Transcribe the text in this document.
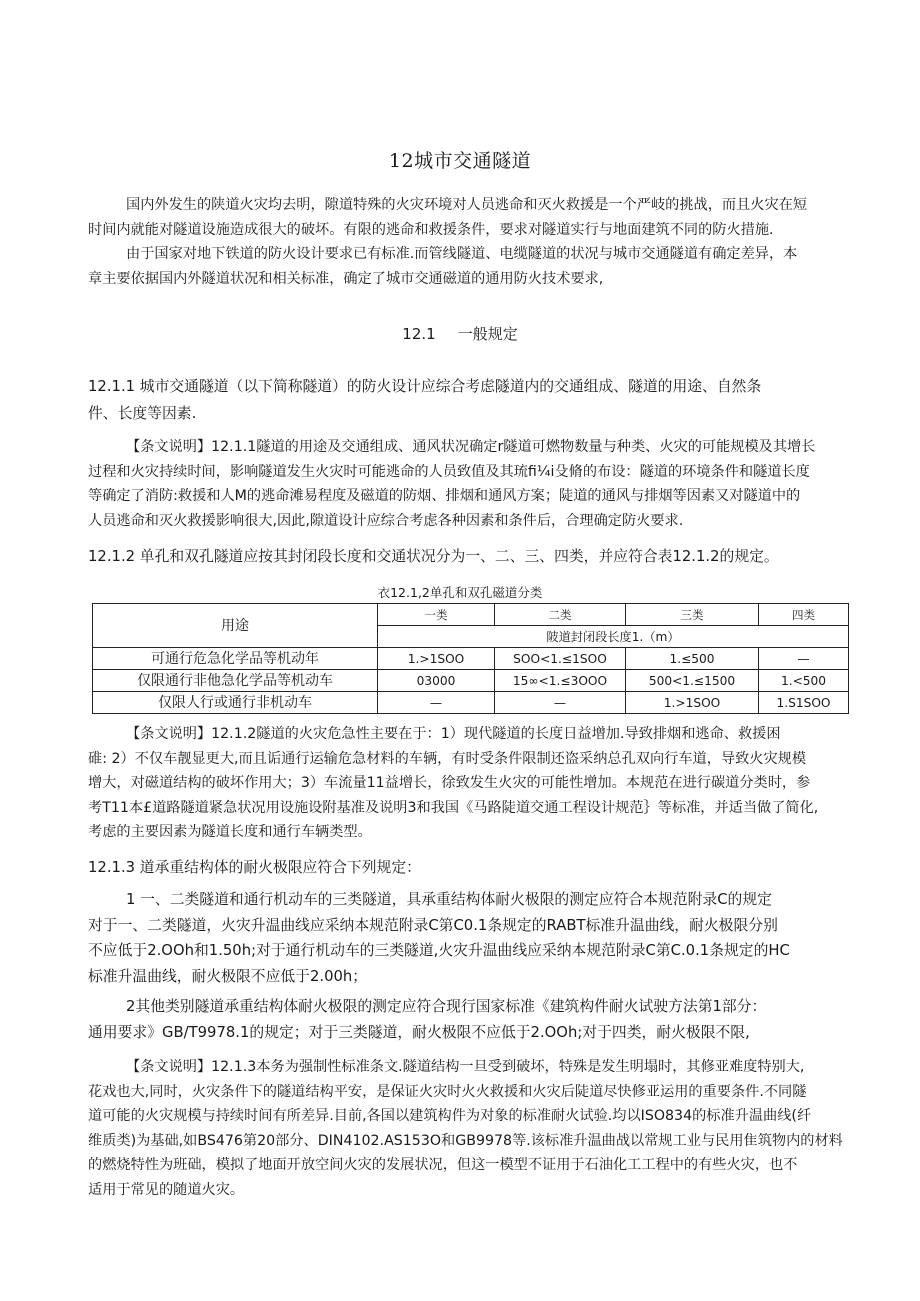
12城市交通隧道
国内外发生的陕道火灾均去明，隙道特殊的火灾环境对人员逃命和灭火救援是一个严岐的挑战，而且火灾在短
时间内就能对隧道设施造成很大的破坏。有限的逃命和救援条件，要求对隧道实行与地面建筑不同的防火措施.
由于国家对地下铁道的防火设计要求已有标准.而管线隧道、电缆隧道的状况与城市交通隧道有确定差异，本
章主要依据国内外隧道状况和相关标准，确定了城市交通磁道的通用防火技术要求,
12.1 一般规定
12.1.1 城市交通隧道（以下简称隧道）的防火设计应综合考虑隧道内的交通组成、隧道的用途、自然条
件、长度等因素.
【条文说明】12.1.1隧道的用途及交通组成、通风状况确定r隧道可燃物数量与种类、火灾的可能规模及其增长
过程和火灾持续时间，影响隧道发生火灾时可能逃命的人员致值及其琉fi¼i殳脩的布设：隧道的环境条件和隧道长度
等确定了消防:救援和人M的逃命滩易程度及磁道的防烟、排烟和通风方案；陡道的通风与排烟等因素又对隧道中的
人员逃命和灭火救援影响很大,因此,隙道设计应综合考虑各种因素和条件后，合理确定防火要求.
12.1.2 单孔和双孔隧道应按其封闭段长度和交通状况分为一、二、三、四类，并应符合表12.1.2的规定。
衣12.1,2单孔和双孔磁道分类
用途	一类	二类	三类	四类
	陂道封闭段长度1.（m）			
可通行危急化学品等机动年	1.>1SOO	SOO<1.≤1SOO	1.≤500	—
仅限通行非他急化学品等机动车	03000	15∞<1.≤3OOO	500<1.≤1500	1.<500
仅限人行或通行非机动车	—	—	1.>1SOO	1.S1SOO
【条文说明】12.1.2隧道的火灾危急性主要在于：1）现代隧道的长度日益增加.导致排烟和逃命、救援困
碓: 2）不仅车靓显更大,而且诟通行运输危急材料的车辆，有时受条件限制还盗采纳总孔双向行车道，导致火灾规模
增大，对磁道结构的破坏作用大；3）车流量11益增长，徐致发生火灾的可能性增加。本规范在进行碳道分类时，参
考T11本£道路隧道紧急状况用设施设附基准及说明3和我国《马路陡道交通工程设计规范｝等标准，并适当做了简化,
考虑的主要因素为隧道长度和通行车辆类型。
12.1.3 道承重结构体的耐火极限应符合下列规定：
1 一、二类隧道和通行机动车的三类隧道，具承重结构体耐火极限的测定应符合本规范附录C的规定
对于一、二类隧道，火灾升温曲线应采纳本规范附录C第C0.1条规定的RABT标准升温曲线，耐火极限分别
不应低于2.OOh和1.50h;对于通行机动车的三类隧道,火灾升温曲线应采纳本规范附录C第C.0.1条规定的HC
标准升温曲线，耐火极限不应低于2.00h；
2其他类别隧道承重结构体耐火极限的测定应符合现行国家标准《建筑构件耐火试驶方法第1部分：
通用要求》GB/T9978.1的规定；对于三类隧道，耐火极限不应低于2.OOh;对于四类，耐火极限不限,
【条文说明】12.1.3本务为强制性标准条文.隧道结构一旦受到破坏，特殊是发生明塌时，其修亚难度特别大,
花戏也大,同时，火灾条件下的隧道结构平安，是保证火灾时火火救援和火灾后陡道尽快修亚运用的重要条件.不同隧
道可能的火灾规模与持续时间有所差异.目前,各国以建筑构件为对象的标准耐火试验.均以ISO834的标准升温曲线(纤
维质类)为基础,如BS476第20部分、DIN4102.AS153O和GB9978等.该标准升温曲战以常规工业与民用隹筑物内的材料
的燃烧特性为班础，模拟了地面开放空间火灾的发展状况，但这一模型不证用于石油化工工程中的有些火灾，也不
适用于常见的随道火灾。
